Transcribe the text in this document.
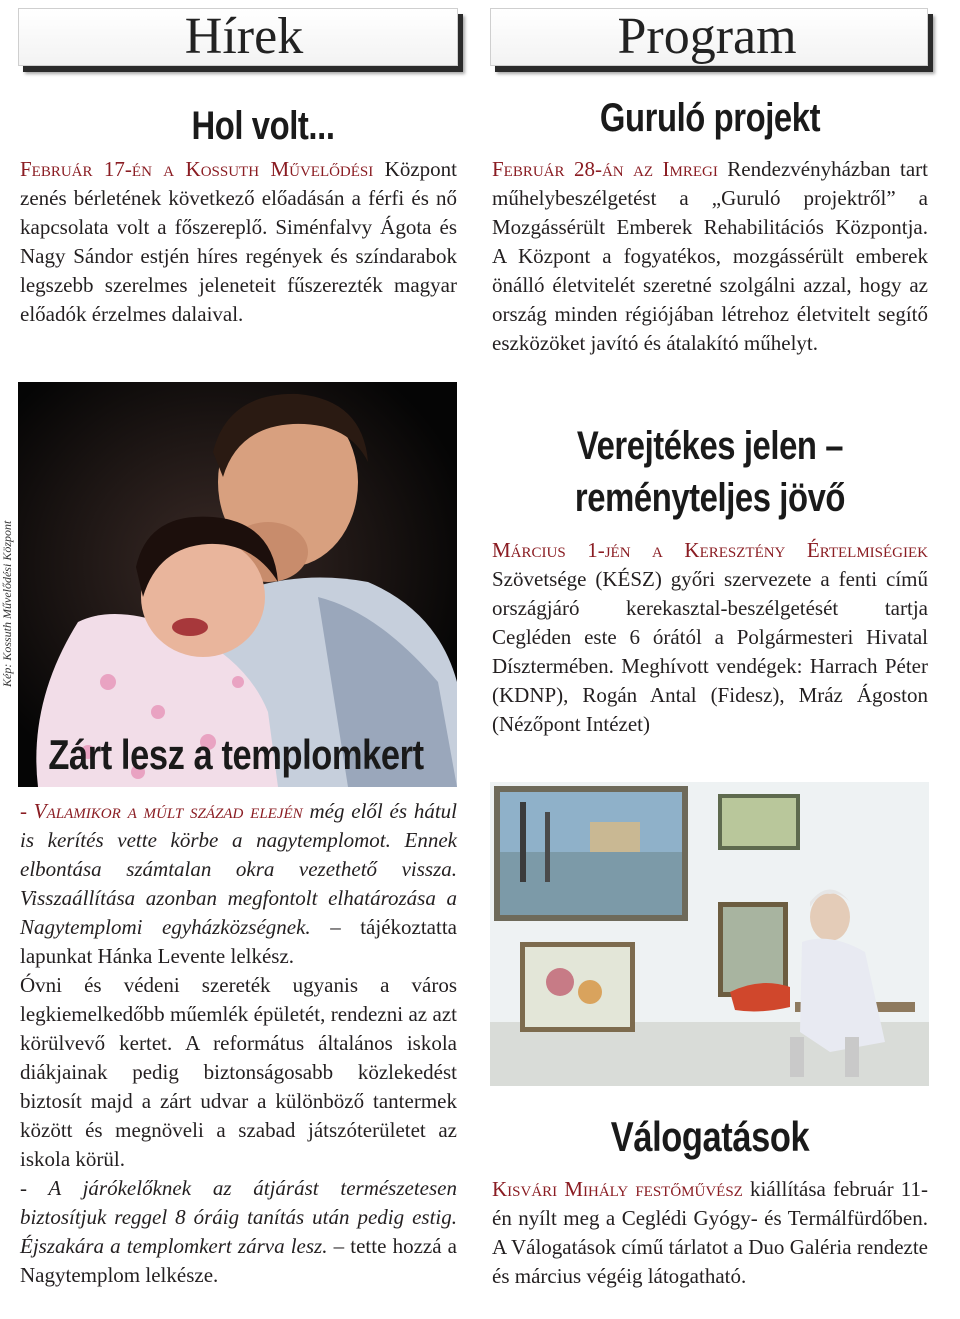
Hírek	Program
Hol volt...
Február 17-én a Kossuth Művelődési Központ zenés bérletének következő előadásán a férfi és nő kapcsolata volt a főszereplő. Siménfalvy Ágota és Nagy Sándor estjén híres regények és színdarabok legszebb szerelmes jeleneteit fűszerezték magyar előadók érzelmes dalaival.
Kép: Kossuth Művelődési Központ
Zárt lesz a templomkert
- Valamikor a múlt század elején még elől és hátul is kerítés vette körbe a nagytemplomot. Ennek elbontása számtalan okra vezethető vissza. Visszaállítása azonban megfontolt elhatározása a Nagytemplomi egyházközségnek. – tájékoztatta lapunkat Hánka Levente lelkész.
Óvni és védeni szereték ugyanis a város legkiemelkedőbb műemlék épületét, rendezni az azt körülvevő kertet. A református általános iskola diákjainak pedig biztonságosabb közlekedést biztosít majd a zárt udvar a különböző tantermek között és megnöveli a szabad játszóterületet az iskola körül.
- A járókelőknek az átjárást természetesen biztosítjuk reggel 8 óráig tanítás után pedig estig. Éjszakára a templomkert zárva lesz. – tette hozzá a Nagytemplom lelkésze.
Guruló projekt
Február 28-án az Imregi Rendezvényházban tart műhelybeszélgetést a „Guruló projektről” a Mozgássérült Emberek Rehabilitációs Központja. A Központ a fogyatékos, mozgássérült emberek önálló életvitelét szeretné szolgálni azzal, hogy az ország minden régiójában létrehoz életvitelt segítő eszközöket javító és átalakító műhelyt.
Verejtékes jelen –
reményteljes jövő
Március 1-jén a Keresztény Értelmiségiek Szövetsége (KÉSZ) győri szervezete a fenti című országjáró kerekasztal-beszélgetését tartja Cegléden este 6 órától a Polgármesteri Hivatal Dísztermében. Meghívott vendégek: Harrach Péter (KDNP), Rogán Antal (Fidesz), Mráz Ágoston (Nézőpont Intézet)
Válogatások
Kisvári Mihály festőművész kiállítása február 11-én nyílt meg a Ceglédi Gyógy- és Termálfürdőben. A Válogatások című tárlatot a Duo Galéria rendezte és március végéig látogatható.
